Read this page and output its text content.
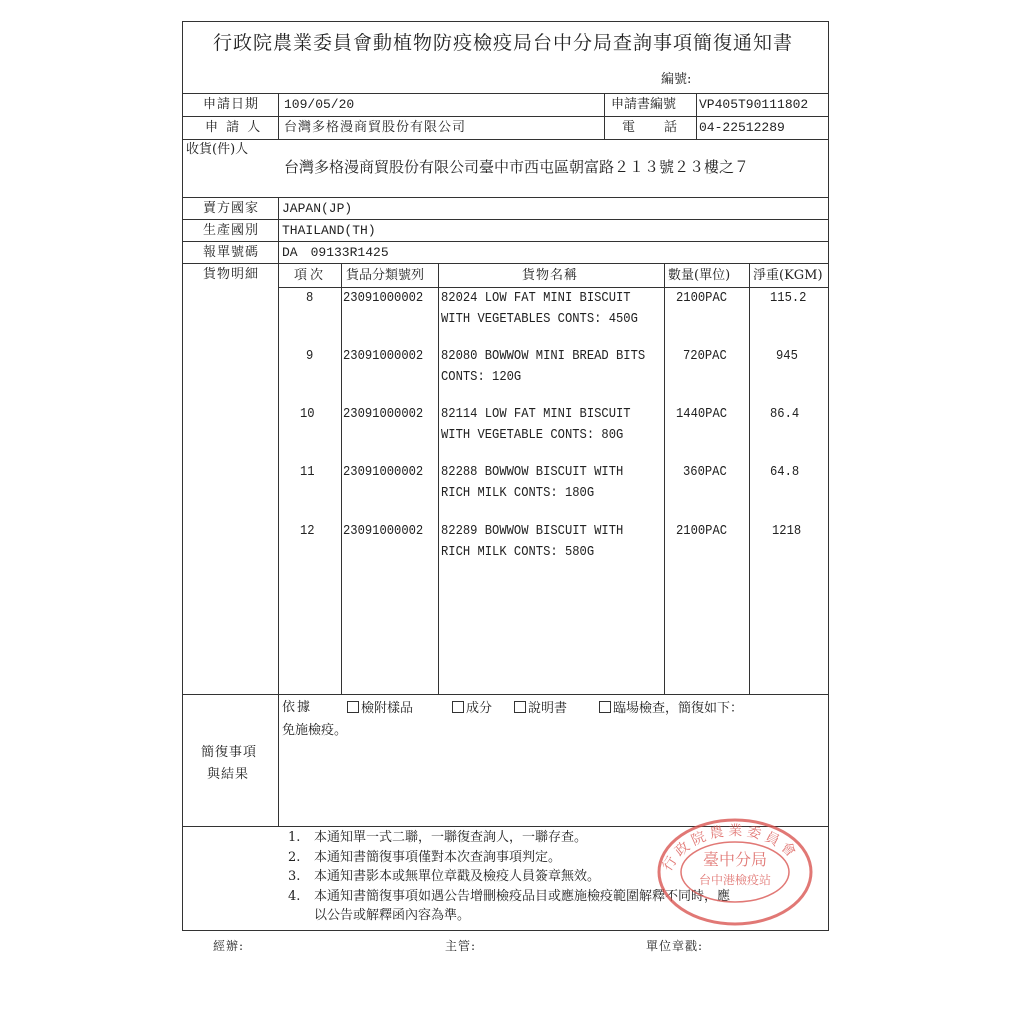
行政院農業委員會動植物防疫檢疫局台中分局查詢事項簡復通知書
編號:
申請日期 109/05/20	申請書編號 VP405T90111802
申 請 人 台灣多格漫商貿股份有限公司	電　　話 04-22512289
收貨(件)人
台灣多格漫商貿股份有限公司臺中市西屯區朝富路２１３號２３樓之７
賣方國家 JAPAN(JP)
生產國別 THAILAND(TH)
報單號碼 DA　09133R1425
貨物明細	項次 貨品分類號列	貨物名稱	數量(單位) 淨重(KGM)
8 23091000002 82024 LOW FAT MINI BISCUIT
WITH VEGETABLES CONTS: 450G
2100PAC	115.2
9 23091000002 82080 BOWWOW MINI BREAD BITS
CONTS: 120G
720PAC	945
10 23091000002 82114 LOW FAT MINI BISCUIT
WITH VEGETABLE CONTS: 80G
1440PAC	86.4
11 23091000002 82288 BOWWOW BISCUIT WITH
RICH MILK CONTS: 180G
360PAC	64.8
12 23091000002 82289 BOWWOW BISCUIT WITH
RICH MILK CONTS: 580G
2100PAC	1218
依據	檢附樣品	成分	說明書	臨場檢查，簡復如下：
免施檢疫。
簡復事項
與結果
1. 本通知單一式二聯，一聯復查詢人，一聯存查。
2. 本通知書簡復事項僅對本次查詢事項判定。
3. 本通知書影本或無單位章戳及檢疫人員簽章無效。
4. 本通知書簡復事項如遇公告增刪檢疫品目或應施檢疫範圍解釋不同時，應
以公告或解釋函內容為準。
行政院農業委員會
臺中分局
台中港檢疫站
經辦:	主管:	單位章戳:
